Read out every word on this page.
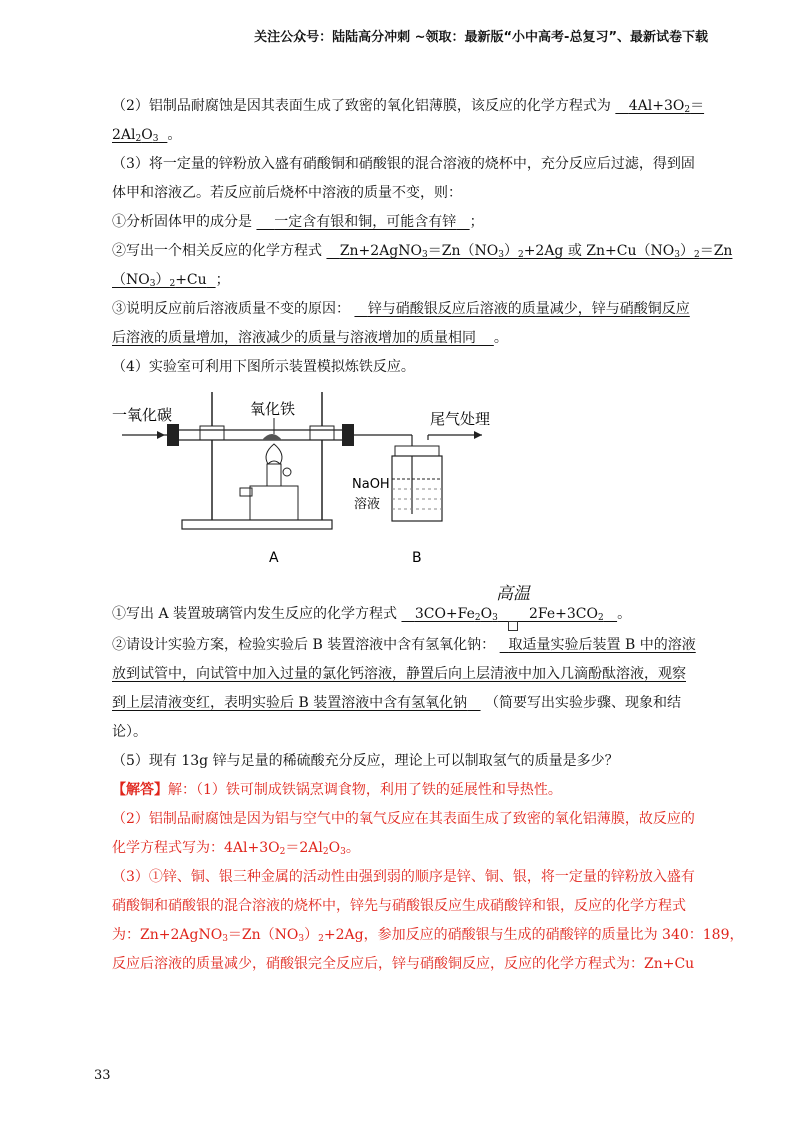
关注公众号：陆陆高分冲刺 ~领取：最新版“小中高考-总复习”、最新试卷下载
（2）铝制品耐腐蚀是因其表面生成了致密的氧化铝薄膜，该反应的化学方程式为 $4Al+3O_2=$
$2Al_2O_3$ 。
（3）将一定量的锌粉放入盛有硝酸铜和硝酸银的混合溶液的烧杯中，充分反应后过滤，得到固
体甲和溶液乙。若反应前后烧杯中溶液的质量不变，则：
①分析固体甲的成分是 一定含有银和铜，可能含有锌 ；
②写出一个相关反应的化学方程式 $Zn+2AgNO_3=Zn(NO_3)_2+2Ag$ 或 $Zn+Cu(NO_3)_2=Zn$
$(NO_3)_2+Cu$ ；
③说明反应前后溶液质量不变的原因： 锌与硝酸银反应后溶液的质量减少，锌与硝酸铜反应
后溶液的质量增加，溶液减少的质量与溶液增加的质量相同 。
（4）实验室可利用下图所示装置模拟炼铁反应。
一氧化碳	氧化铁
尾气处理
NaOH
溶液
A	B
①写出 A 装置玻璃管内发生反应的化学方程式 $3CO+Fe_2O_3$ $2Fe+3CO_2$ 。
高温
②请设计实验方案，检验实验后 B 装置溶液中含有氢氧化钠： 取适量实验后装置 B 中的溶液
放到试管中，向试管中加入过量的氯化钙溶液，静置后向上层清液中加入几滴酚酞溶液，观察
到上层清液变红，表明实验后 B 装置溶液中含有氢氧化钠 （简要写出实验步骤、现象和结
论）。
（5）现有 13g 锌与足量的稀硫酸充分反应，理论上可以制取氢气的质量是多少？
【解答】解：（1）铁可制成铁锅烹调食物，利用了铁的延展性和导热性。
（2）铝制品耐腐蚀是因为铝与空气中的氧气反应在其表面生成了致密的氧化铝薄膜，故反应的
化学方程式写为：$4Al+3O_2=2Al_2O_3$。
（3）①锌、铜、银三种金属的活动性由强到弱的顺序是锌、铜、银，将一定量的锌粉放入盛有
硝酸铜和硝酸银的混合溶液的烧杯中，锌先与硝酸银反应生成硝酸锌和银，反应的化学方程式
为：$Zn+2AgNO_3=Zn(NO_3)_2+2Ag$，参加反应的硝酸银与生成的硝酸锌的质量比为 340：189，
反应后溶液的质量减少，硝酸银完全反应后，锌与硝酸铜反应，反应的化学方程式为：Zn+Cu
33
